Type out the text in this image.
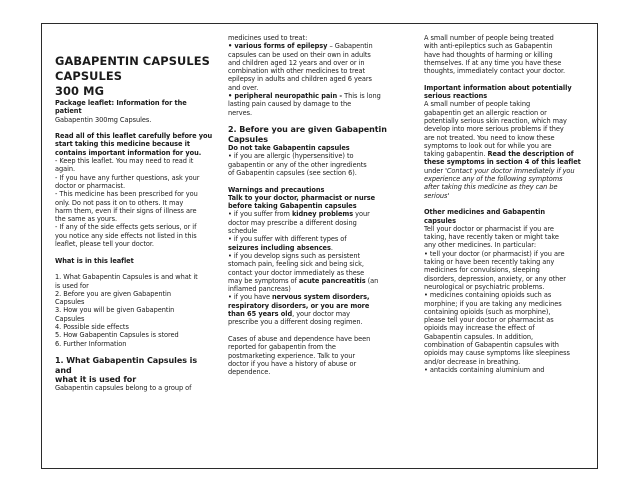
GABAPENTIN CAPSULES
CAPSULES
300 MG

Package leaflet: Information for the
patient

Gabapentin 300mg Capsules.

Read all of this leaflet carefully before you
start taking this medicine because it
contains important information for you.

- Keep this leaflet. You may need to read it
again.
- If you have any further questions, ask your
doctor or pharmacist.
- This medicine has been prescribed for you
only. Do not pass it on to others. It may
harm them, even if their signs of illness are
the same as yours.
- If any of the side effects gets serious, or if
you notice any side effects not listed in this
leaflet, please tell your doctor.

What is in this leaflet

1. What Gabapentin Capsules is and what it
is used for
2. Before you are given Gabapentin
Capsules
3. How you will be given Gabapentin
Capsules
4. Possible side effects
5. How Gabapentin Capsules is stored
6. Further Information

1. What Gabapentin Capsules is and
what it is used for

Gabapentin capsules belong to a group of

medicines used to treat:
• various forms of epilepsy – Gabapentin
capsules can be used on their own in adults
and children aged 12 years and over or in
combination with other medicines to treat
epilepsy in adults and children aged 6 years
and over.
• peripheral neuropathic pain - This is long
lasting pain caused by damage to the
nerves.

2. Before you are given Gabapentin
Capsules

Do not take Gabapentin capsules

• if you are allergic (hypersensitive) to
gabapentin or any of the other ingredients
of Gabapentin capsules (see section 6).

Warnings and precautions
Talk to your doctor, pharmacist or nurse
before taking Gabapentin capsules

• if you suffer from kidney problems your
doctor may prescribe a different dosing
schedule
• if you suffer with different types of
seizures including absences.
• if you develop signs such as persistent
stomach pain, feeling sick and being sick,
contact your doctor immediately as these
may be symptoms of acute pancreatitis (an
inflamed pancreas)
• if you have nervous system disorders,
respiratory disorders, or you are more
than 65 years old, your doctor may
prescribe you a different dosing regimen.

Cases of abuse and dependence have been
reported for gabapentin from the
postmarketing experience. Talk to your
doctor if you have a history of abuse or
dependence.

A small number of people being treated
with anti-epileptics such as Gabapentin
have had thoughts of harming or killing
themselves. If at any time you have these
thoughts, immediately contact your doctor.

Important information about potentially
serious reactions

A small number of people taking
gabapentin get an allergic reaction or
potentially serious skin reaction, which may
develop into more serious problems if they
are not treated. You need to know these
symptoms to look out for while you are
taking gabapentin. Read the description of
these symptoms in section 4 of this leaflet
under 'Contact your doctor immediately if you
experience any of the following symptoms
after taking this medicine as they can be
serious'

Other medicines and Gabapentin
capsules

Tell your doctor or pharmacist if you are
taking, have recently taken or might take
any other medicines. In particular:
• tell your doctor (or pharmacist) if you are
taking or have been recently taking any
medicines for convulsions, sleeping
disorders, depression, anxiety, or any other
neurological or psychiatric problems.
• medicines containing opioids such as
morphine; if you are taking any medicines
containing opioids (such as morphine),
please tell your doctor or pharmacist as
opioids may increase the effect of
Gabapentin capsules. In addition,
combination of Gabapentin capsules with
opioids may cause symptoms like sleepiness
and/or decrease in breathing.
• antacids containing aluminium and
